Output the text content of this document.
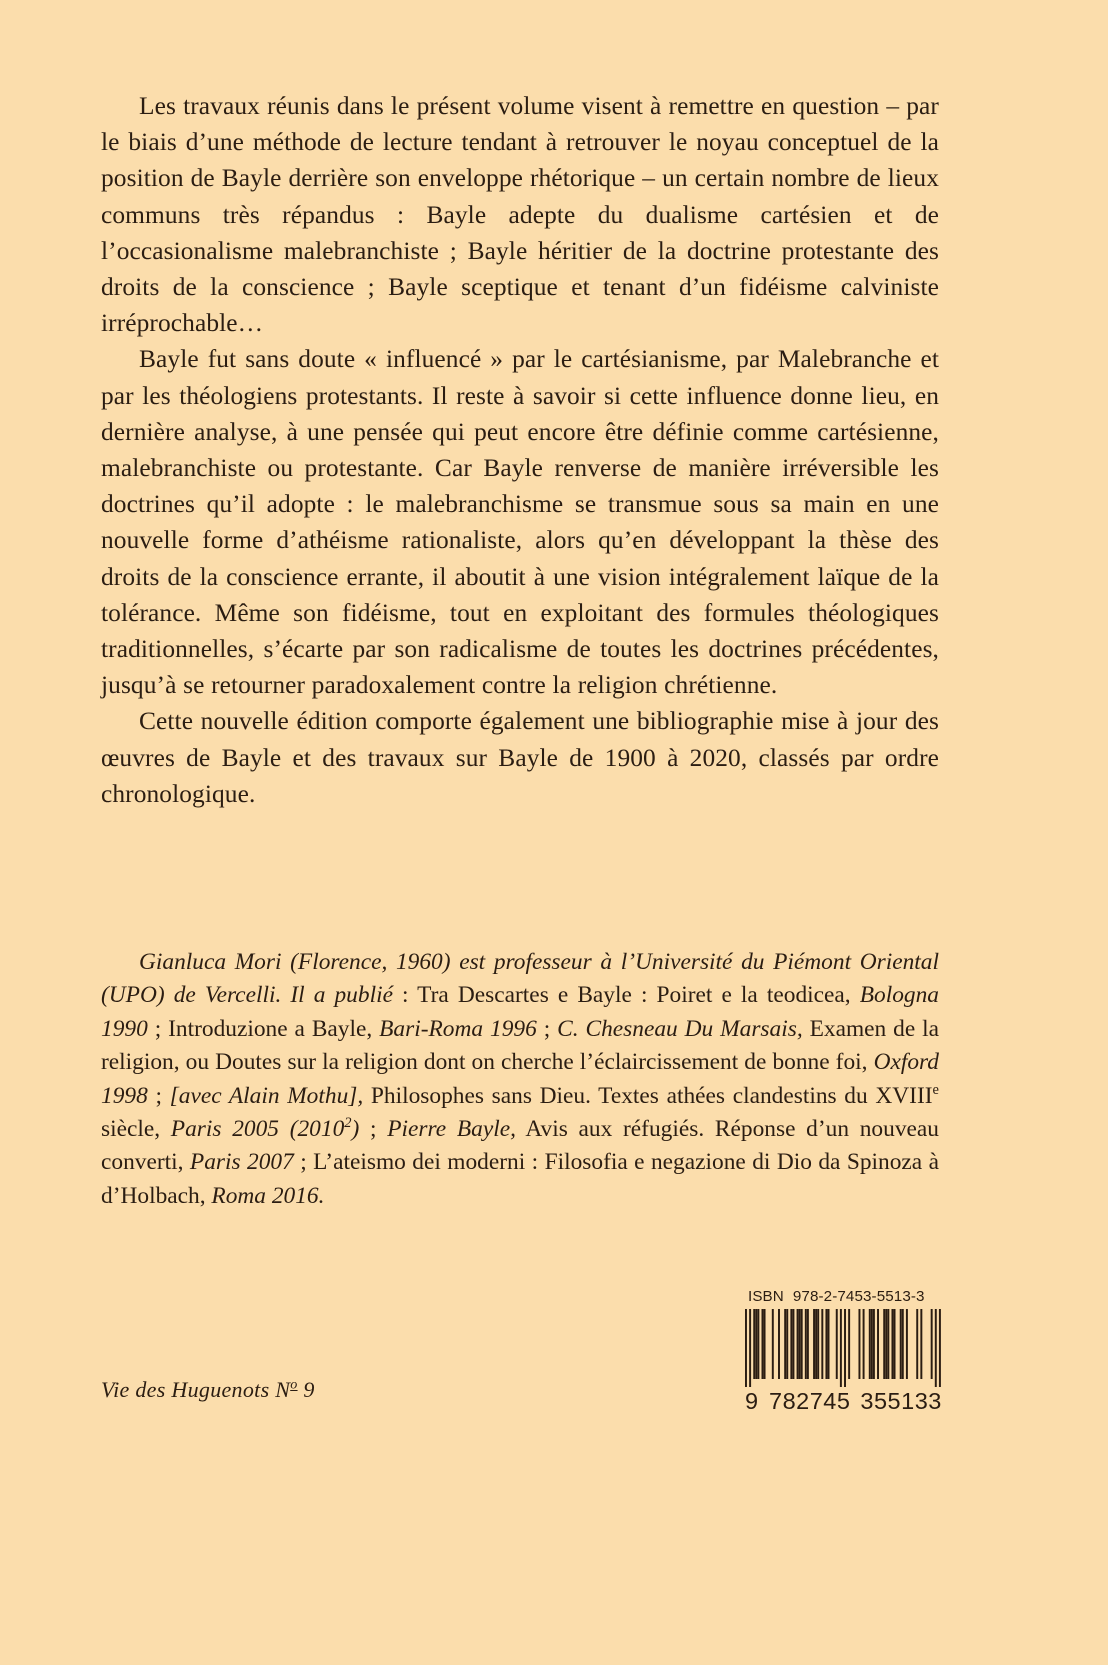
Les travaux réunis dans le présent volume visent à remettre en question – par le biais d’une méthode de lecture tendant à retrouver le noyau conceptuel de la position de Bayle derrière son enveloppe rhétorique – un certain nombre de lieux communs très répandus : Bayle adepte du dualisme cartésien et de l’occasionalisme malebranchiste ; Bayle héritier de la doctrine protestante des droits de la conscience ; Bayle sceptique et tenant d’un fidéisme calviniste irréprochable…

Bayle fut sans doute « influencé » par le cartésianisme, par Malebranche et par les théologiens protestants. Il reste à savoir si cette influence donne lieu, en dernière analyse, à une pensée qui peut encore être définie comme cartésienne, malebranchiste ou protestante. Car Bayle renverse de manière irréversible les doctrines qu’il adopte : le malebranchisme se transmue sous sa main en une nouvelle forme d’athéisme rationaliste, alors qu’en développant la thèse des droits de la conscience errante, il aboutit à une vision intégralement laïque de la tolérance. Même son fidéisme, tout en exploitant des formules théologiques traditionnelles, s’écarte par son radicalisme de toutes les doctrines précédentes, jusqu’à se retourner paradoxalement contre la religion chrétienne.

Cette nouvelle édition comporte également une bibliographie mise à jour des œuvres de Bayle et des travaux sur Bayle de 1900 à 2020, classés par ordre chronologique.

Gianluca Mori (Florence, 1960) est professeur à l’Université du Piémont Oriental (UPO) de Vercelli. Il a publié : Tra Descartes e Bayle : Poiret e la teodicea, Bologna 1990 ; Introduzione a Bayle, Bari-Roma 1996 ; C. Chesneau Du Marsais, Examen de la religion, ou Doutes sur la religion dont on cherche l’éclaircissement de bonne foi, Oxford 1998 ; [avec Alain Mothu], Philosophes sans Dieu. Textes athées clandestins du XVIIIe siècle, Paris 2005 (2010$^2$) ; Pierre Bayle, Avis aux réfugiés. Réponse d’un nouveau converti, Paris 2007 ; L’ateismo dei moderni : Filosofia e negazione di Dio da Spinoza à d’Holbach, Roma 2016.

Vie des Huguenots $N^o$ 9
ISBN 978-2-7453-5513-3
9 782745 355133
